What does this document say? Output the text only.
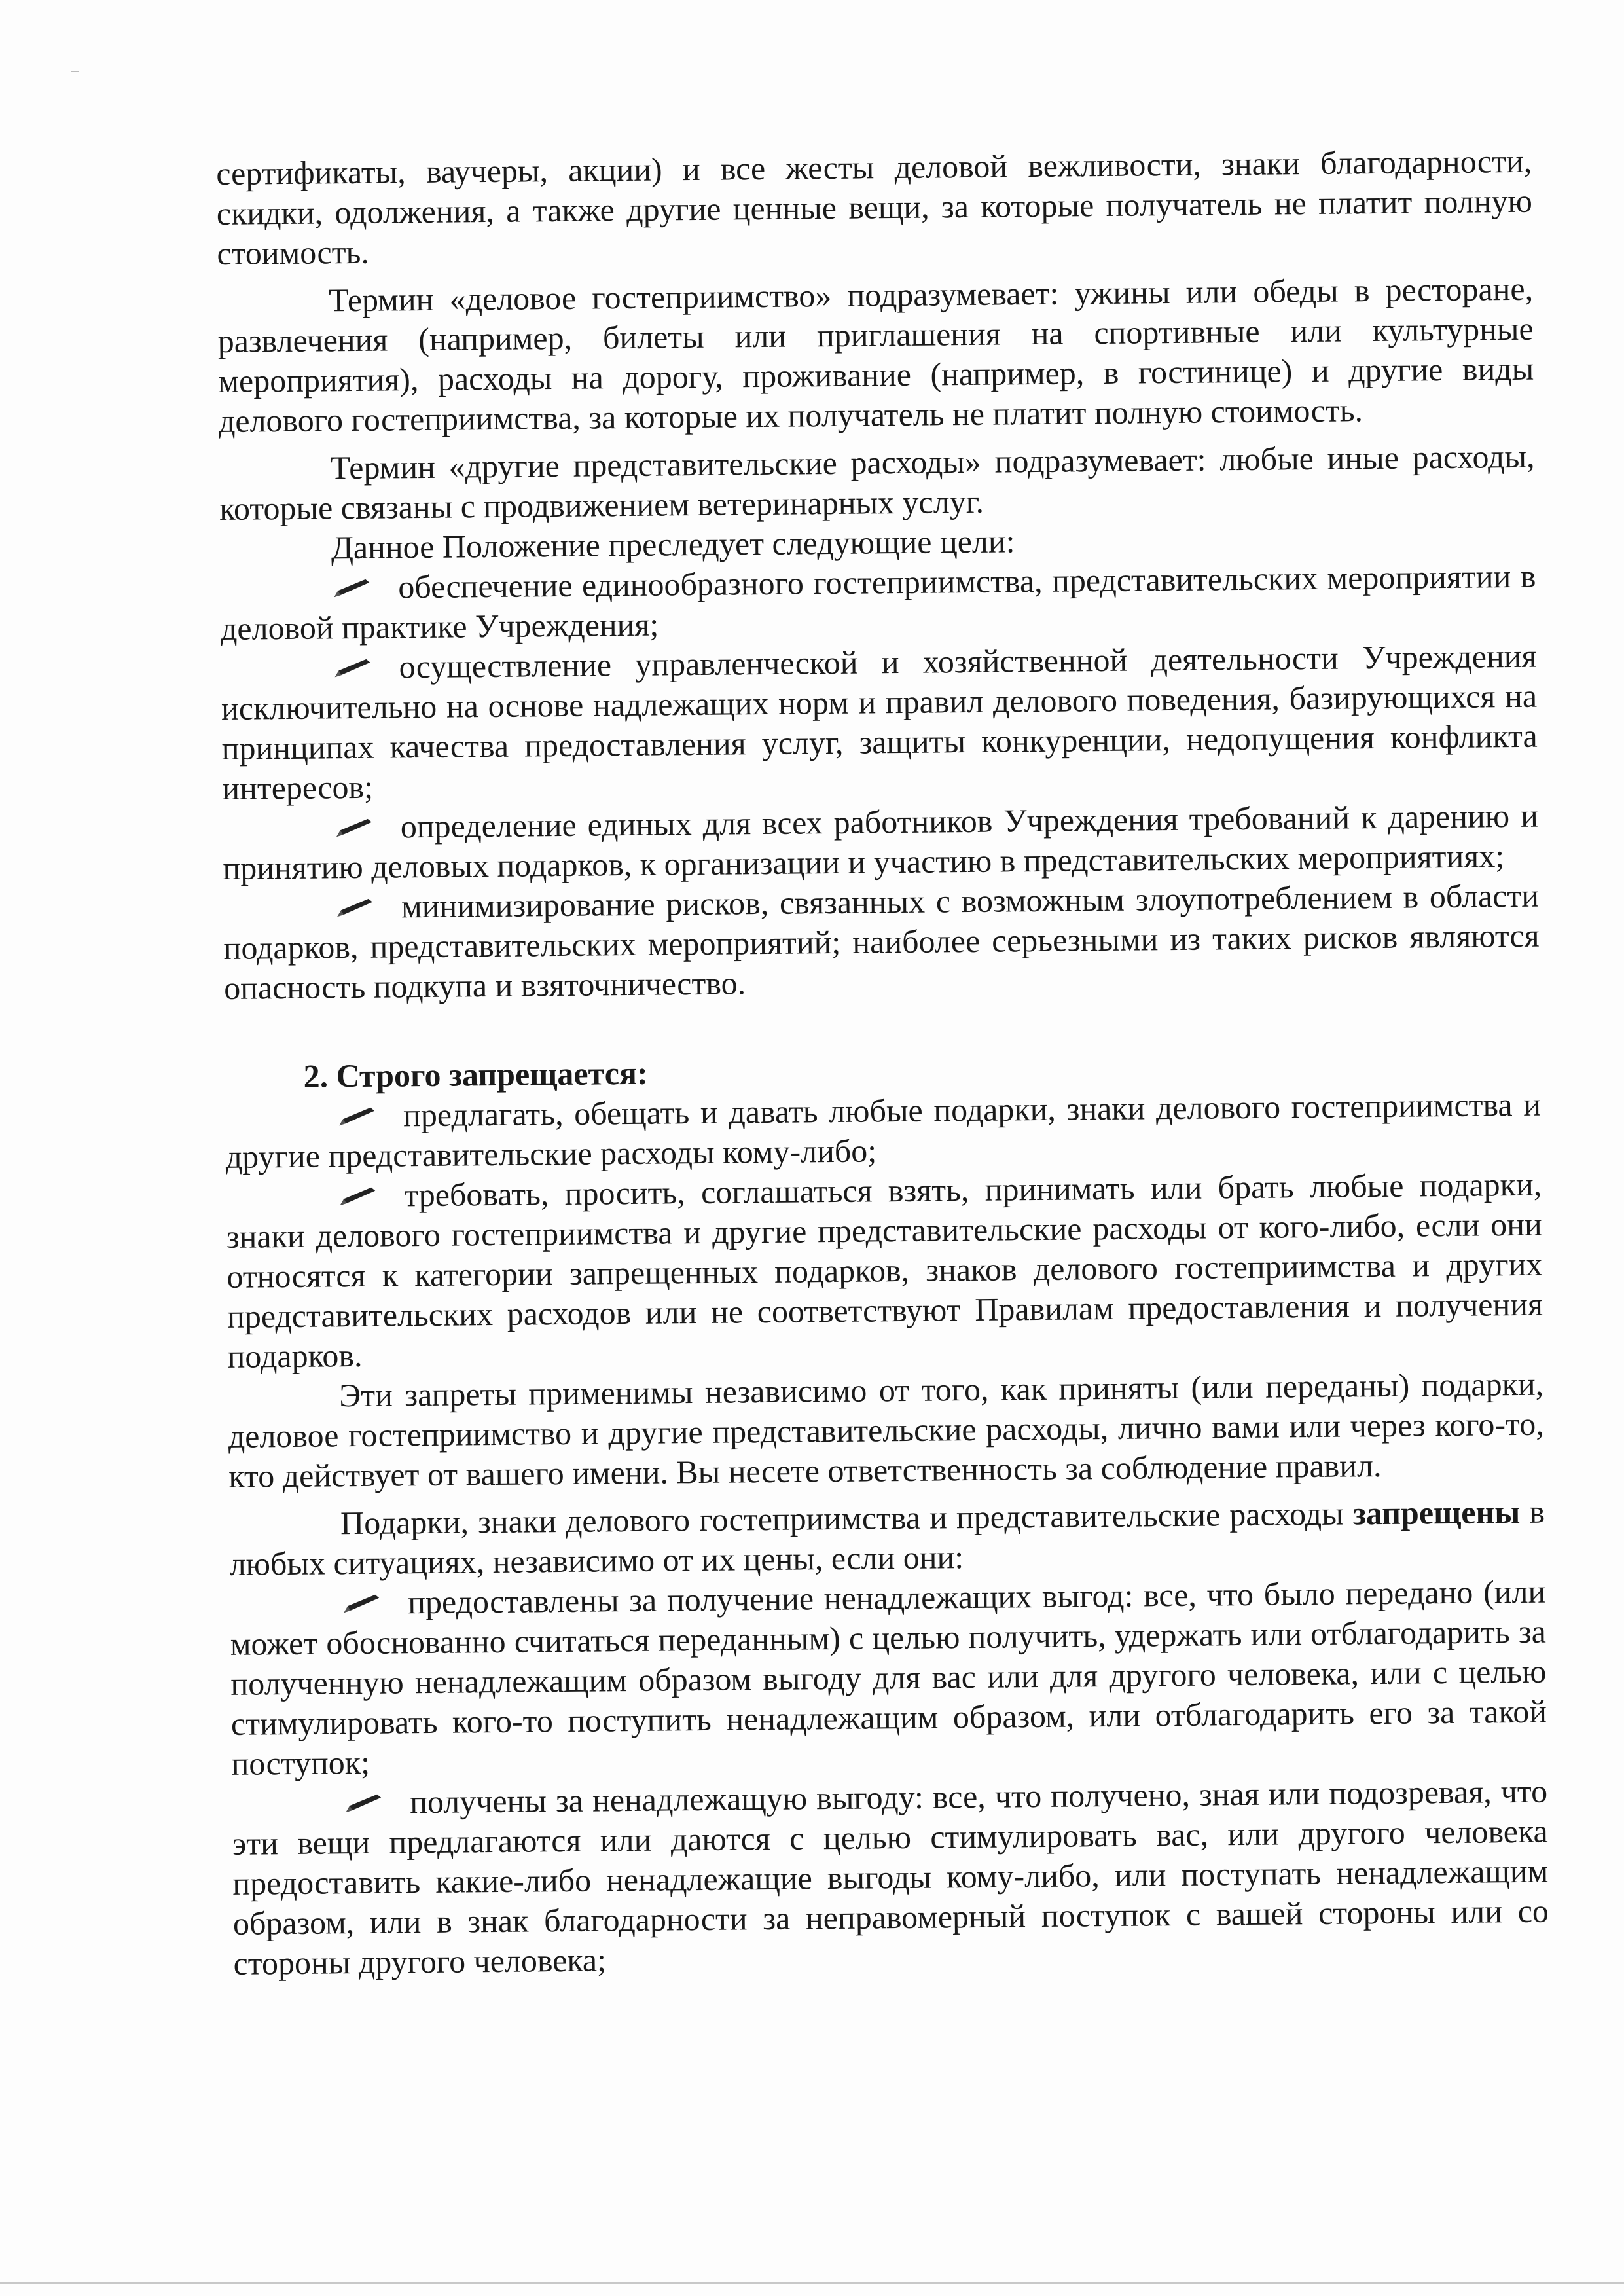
сертификаты, ваучеры, акции) и все жесты деловой вежливости, знаки благодарности, скидки, одолжения, а также другие ценные вещи, за которые получатель не платит полную стоимость.

Термин «деловое гостеприимство» подразумевает: ужины или обеды в ресторане, развлечения (например, билеты или приглашения на спортивные или культурные мероприятия), расходы на дорогу, проживание (например, в гостинице) и другие виды делового гостеприимства, за которые их получатель не платит полную стоимость.

Термин «другие представительские расходы» подразумевает: любые иные расходы, которые связаны с продвижением ветеринарных услуг.

Данное Положение преследует следующие цели:

обеспечение единообразного гостеприимства, представительских мероприятии в деловой практике Учреждения;

осуществление управленческой и хозяйственной деятельности Учреждения исключительно на основе надлежащих норм и правил делового поведения, базирующихся на принципах качества предоставления услуг, защиты конкуренции, недопущения конфликта интересов;

определение единых для всех работников Учреждения требований к дарению и принятию деловых подарков, к организации и участию в представительских мероприятиях;

минимизирование рисков, связанных с возможным злоупотреблением в области подарков, представительских мероприятий; наиболее серьезными из таких рисков являются опасность подкупа и взяточничество.

2. Строго запрещается:

предлагать, обещать и давать любые подарки, знаки делового гостеприимства и другие представительские расходы кому-либо;

требовать, просить, соглашаться взять, принимать или брать любые подарки, знаки делового гостеприимства и другие представительские расходы от кого-либо, если они относятся к категории запрещенных подарков, знаков делового гостеприимства и других представительских расходов или не соответствуют Правилам предоставления и получения подарков.

Эти запреты применимы независимо от того, как приняты (или переданы) подарки, деловое гостеприимство и другие представительские расходы, лично вами или через кого-то, кто действует от вашего имени. Вы несете ответственность за соблюдение правил.

Подарки, знаки делового гостеприимства и представительские расходы запрещены в любых ситуациях, независимо от их цены, если они:

предоставлены за получение ненадлежащих выгод: все, что было передано (или может обоснованно считаться переданным) с целью получить, удержать или отблагодарить за полученную ненадлежащим образом выгоду для вас или для другого человека, или с целью стимулировать кого-то поступить ненадлежащим образом, или отблагодарить его за такой поступок;

получены за ненадлежащую выгоду: все, что получено, зная или подозревая, что эти вещи предлагаются или даются с целью стимулировать вас, или другого человека предоставить какие-либо ненадлежащие выгоды кому-либо, или поступать ненадлежащим образом, или в знак благодарности за неправомерный поступок с вашей стороны или со стороны другого человека;
